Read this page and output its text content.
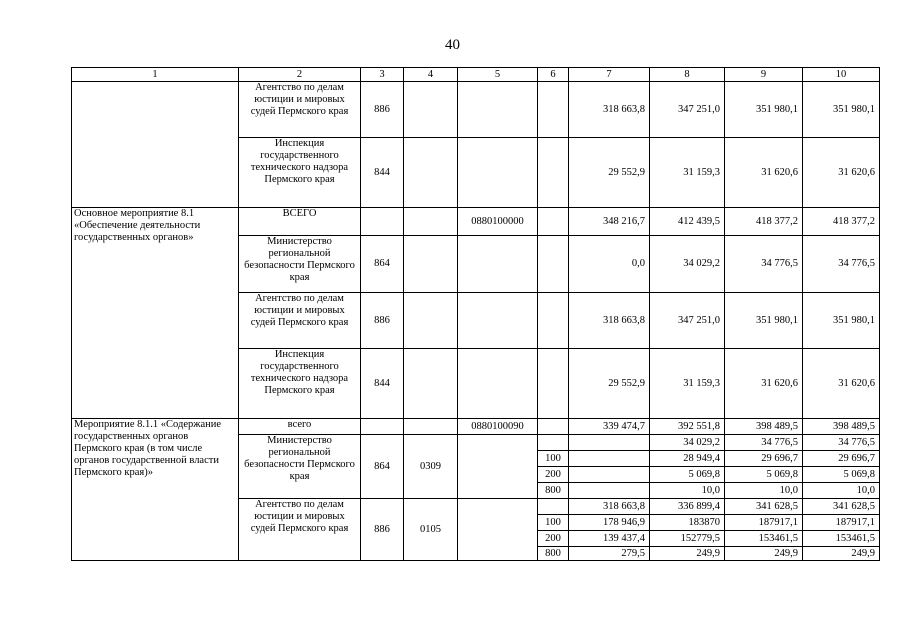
40
1	2	3	4	5	6	7	8	9	10
	Агентство по делам юстиции и мировых судей Пермского края	886				318 663,8	347 251,0	351 980,1	351 980,1
	Инспекция государственного технического надзора Пермского края	844				29 552,9	31 159,3	31 620,6	31 620,6
Основное мероприятие 8.1 «Обеспечение деятельности государственных органов»	ВСЕГО			0880100000		348 216,7	412 439,5	418 377,2	418 377,2
	Министерство региональной безопасности Пермского края	864				0,0	34 029,2	34 776,5	34 776,5
	Агентство по делам юстиции и мировых судей Пермского края	886				318 663,8	347 251,0	351 980,1	351 980,1
	Инспекция государственного технического надзора Пермского края	844				29 552,9	31 159,3	31 620,6	31 620,6
Мероприятие 8.1.1 «Содержание государственных органов Пермского края (в том числе органов государственной власти Пермского края)»	всего			0880100090		339 474,7	392 551,8	398 489,5	398 489,5
	Министерство региональной безопасности Пермского края	864	0309				34 029,2	34 776,5	34 776,5
					100		28 949,4	29 696,7	29 696,7
					200		5 069,8	5 069,8	5 069,8
					800		10,0	10,0	10,0
	Агентство по делам юстиции и мировых судей Пермского края	886	0105			318 663,8	336 899,4	341 628,5	341 628,5
					100	178 946,9	183870	187917,1	187917,1
					200	139 437,4	152779,5	153461,5	153461,5
					800	279,5	249,9	249,9	249,9
